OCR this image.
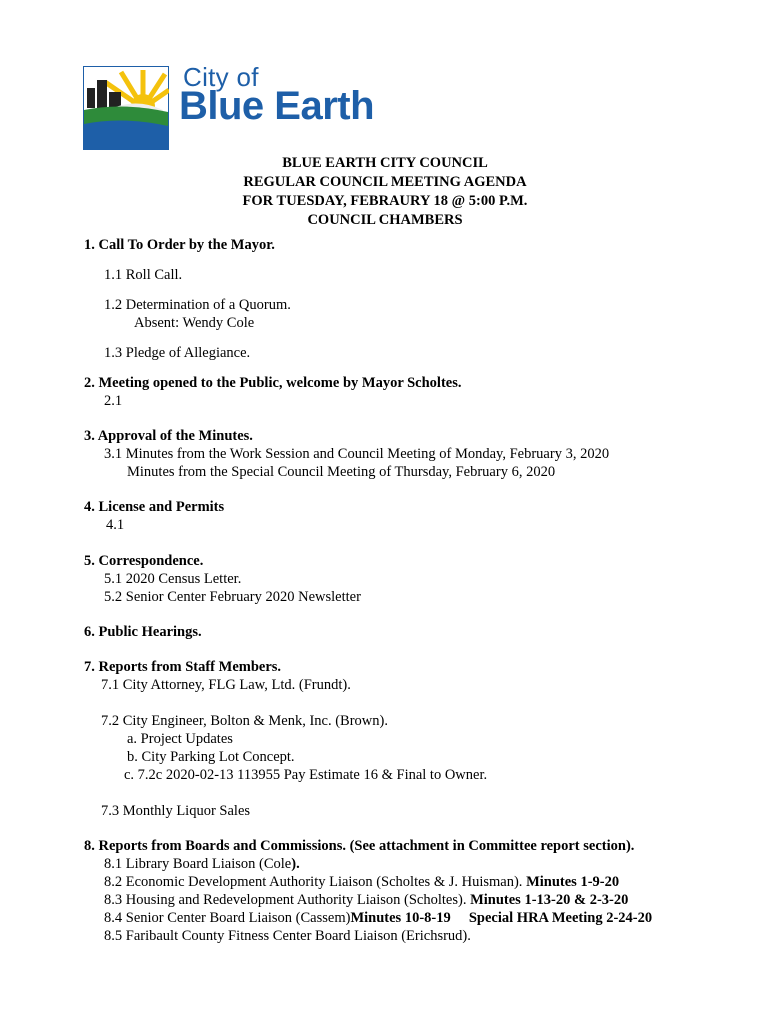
City of
Blue Earth
BLUE EARTH CITY COUNCIL
REGULAR COUNCIL MEETING AGENDA
FOR TUESDAY, FEBRAURY 18 @ 5:00 P.M.
COUNCIL CHAMBERS
1. Call To Order by the Mayor.
1.1 Roll Call.
1.2 Determination of a Quorum.
Absent: Wendy Cole
1.3 Pledge of Allegiance.
2. Meeting opened to the Public, welcome by Mayor Scholtes.
2.1
3. Approval of the Minutes.
3.1 Minutes from the Work Session and Council Meeting of Monday, February 3, 2020
Minutes from the Special Council Meeting of Thursday, February 6, 2020
4. License and Permits
4.1
5. Correspondence.
5.1 2020 Census Letter.
5.2 Senior Center February 2020 Newsletter
6. Public Hearings.
7. Reports from Staff Members.
7.1 City Attorney, FLG Law, Ltd. (Frundt).
7.2 City Engineer, Bolton & Menk, Inc. (Brown).
a. Project Updates
b. City Parking Lot Concept.
c. 7.2c 2020-02-13 113955 Pay Estimate 16 & Final to Owner.
7.3 Monthly Liquor Sales
8. Reports from Boards and Commissions. (See attachment in Committee report section).
8.1 Library Board Liaison (Cole).
8.2 Economic Development Authority Liaison (Scholtes & J. Huisman). Minutes 1-9-20
8.3 Housing and Redevelopment Authority Liaison (Scholtes). Minutes 1-13-20 & 2-3-20
8.4 Senior Center Board Liaison (Cassem)Minutes 10-8-19     Special HRA Meeting 2-24-20
8.5 Faribault County Fitness Center Board Liaison (Erichsrud).
